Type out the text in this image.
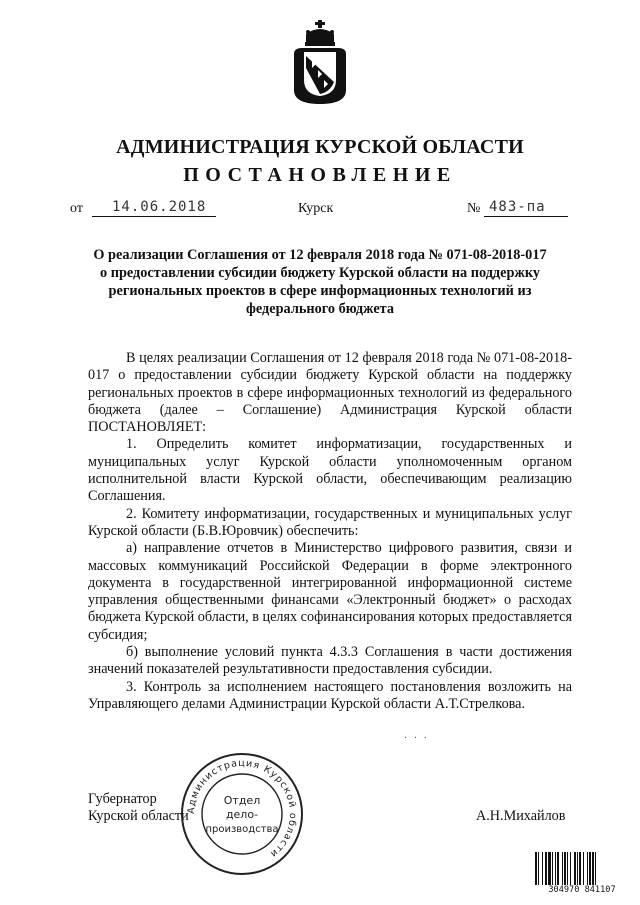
АДМИНИСТРАЦИЯ КУРСКОЙ ОБЛАСТИ
ПОСТАНОВЛЕНИЕ
от 14.06.2018	Курск	№ 483-па
О реализации Соглашения от 12 февраля 2018 года № 071-08-2018-017
о предоставлении субсидии бюджету Курской области на поддержку
региональных проектов в сфере информационных технологий из
федерального бюджета

В целях реализации Соглашения от 12 февраля 2018 года № 071-08-2018-017 о предоставлении субсидии бюджету Курской области на поддержку региональных проектов в сфере информационных технологий из федерального бюджета (далее – Соглашение) Администрация Курской области ПОСТАНОВЛЯЕТ:

1. Определить комитет информатизации, государственных и муниципальных услуг Курской области уполномоченным органом исполнительной власти Курской области, обеспечивающим реализацию Соглашения.

2. Комитету информатизации, государственных и муниципальных услуг Курской области (Б.В.Юровчик) обеспечить:

а) направление отчетов в Министерство цифрового развития, связи и массовых коммуникаций Российской Федерации в форме электронного документа в государственной интегрированной информационной системе управления общественными финансами «Электронный бюджет» о расходах бюджета Курской области, в целях софинансирования которых предоставляется субсидия;

б) выполнение условий пункта 4.3.3 Соглашения в части достижения значений показателей результативности предоставления субсидии.

3. Контроль за исполнением настоящего постановления возложить на Управляющего делами Администрации Курской области А.Т.Стрелкова.

· · ·
Губернатор
Курской области	А.Н.Михайлов
Администрация Курской области
Отдел
дело-
производства
304970 841107
